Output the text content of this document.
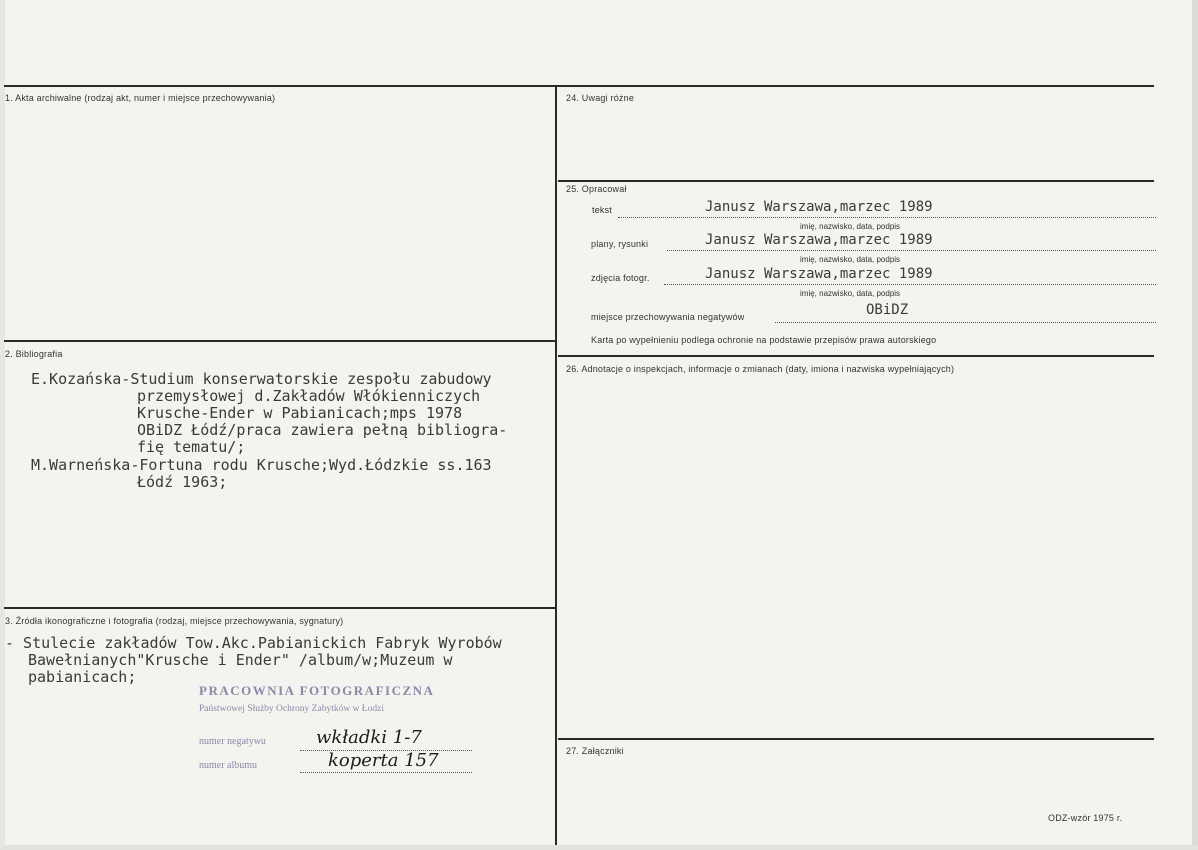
1. Akta archiwalne (rodzaj akt, numer i miejsce przechowywania)
2. Bibliografia
E.Kozańska-Studium konserwatorskie zespołu zabudowy
przemysłowej d.Zakładów Włókienniczych
Krusche-Ender w Pabianicach;mps 1978
OBiDZ Łódź/praca zawiera pełną bibliogra-
fię tematu/;
M.Warneńska-Fortuna rodu Krusche;Wyd.Łódzkie ss.163
Łódź 1963;
3. Źródła ikonograficzne i fotografia (rodzaj, miejsce przechowywania, sygnatury)
- Stulecie zakładów Tow.Akc.Pabianickich Fabryk Wyrobów
Bawełnianych"Krusche i Ender" /album/w;Muzeum w
pabianicach;
PRACOWNIA FOTOGRAFICZNA
Państwowej Służby Ochrony Zabytków w Łodzi
numer negatywu	wkładki 1-7
numer albumu	koperta 157
24. Uwagi różne
25. Opracował
tekst	Janusz Warszawa,marzec 1989
imię, nazwisko, data, podpis
plany, rysunki	Janusz Warszawa,marzec 1989
imię, nazwisko, data, podpis
zdjęcia fotogr.	Janusz Warszawa,marzec 1989
imię, nazwisko, data, podpis
miejsce przechowywania negatywów	OBiDZ
Karta po wypełnieniu podlega ochronie na podstawie przepisów prawa autorskiego
26. Adnotacje o inspekcjach, informacje o zmianach (daty, imiona i nazwiska wypełniających)
27. Załączniki
ODZ-wzór 1975 r.
